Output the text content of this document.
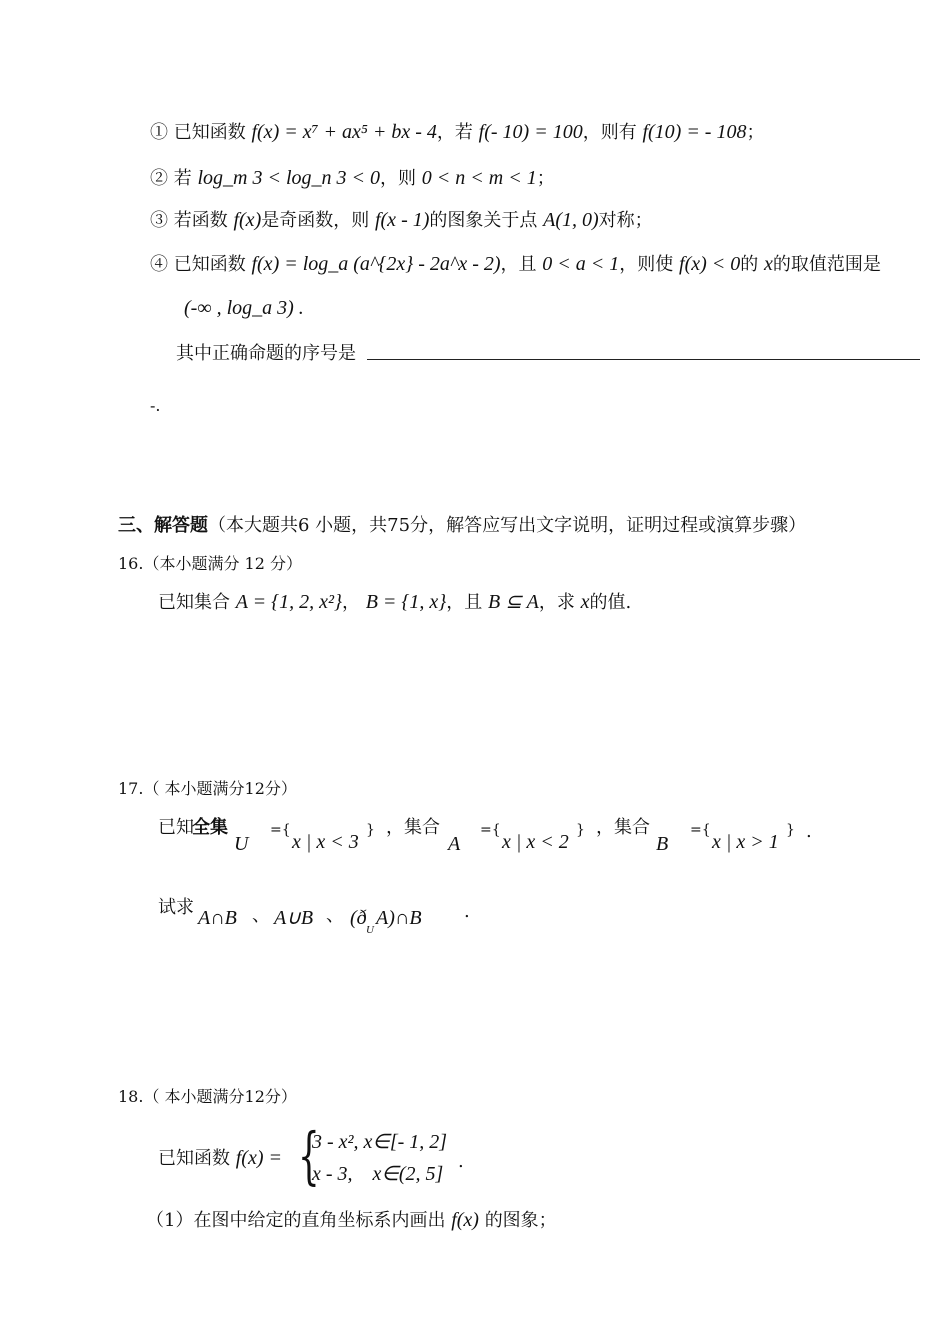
① 已知函数 f(x) = x⁷ + ax⁵ + bx - 4，若 f(- 10) = 100，则有 f(10) = - 108；
② 若 log_m 3 < log_n 3 < 0，则 0 < n < m < 1；
③ 若函数 f(x)是奇函数，则 f(x - 1)的图象关于点 A(1, 0)对称；
④ 已知函数 f(x) = log_a (a^{2x} - 2a^x - 2)，且 0 < a < 1，则使 f(x) < 0的 x的取值范围是
(-∞ , log_a 3) .
其中正确命题的序号是
-.
三、解答题（本大题共6 小题，共75分，解答应写出文字说明，证明过程或演算步骤）
16.（本小题满分 12 分）
已知集合 A = {1, 2, x²}， B = {1, x}，且 B ⊆ A，求 x的值.
17.（ 本小题满分12分）
已知
全集
U
={
x | x < 3
} ，集合
A
={
x | x < 2
} ，集合
B
={
x | x > 1
} .
试求 A∩B 、 A∪B 、 (ð
U
A)∩B .
18.（ 本小题满分12分）
已知函数 f(x) = {
3 - x², x∈[- 1, 2]
x - 3,    x∈(2, 5]
.
（1）在图中给定的直角坐标系内画出 f(x) 的图象；
